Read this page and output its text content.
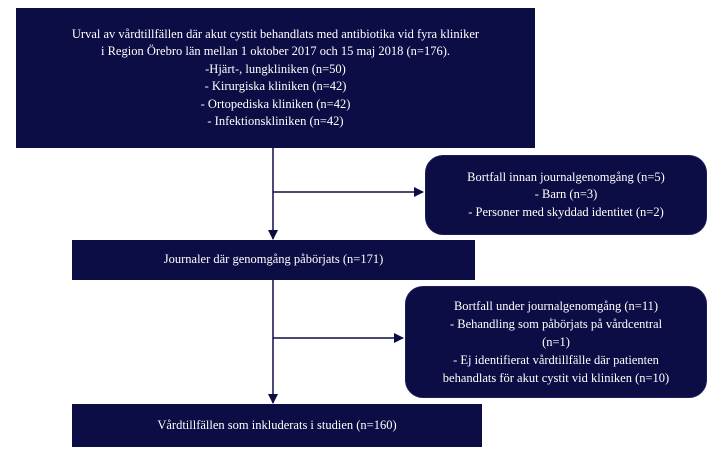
Urval av vårdtillfällen där akut cystit behandlats med antibiotika vid fyra kliniker
i Region Örebro län mellan 1 oktober 2017 och 15 maj 2018 (n=176).
-Hjärt-, lungkliniken (n=50)
- Kirurgiska kliniken (n=42)
- Ortopediska kliniken (n=42)
- Infektionskliniken (n=42)
Bortfall innan journalgenomgång (n=5)
- Barn (n=3)
- Personer med skyddad identitet (n=2)
Journaler där genomgång påbörjats (n=171)
Bortfall under journalgenomgång (n=11)
- Behandling som påbörjats på vårdcentral
(n=1)
- Ej identifierat vårdtillfälle där patienten
behandlats för akut cystit vid kliniken (n=10)
Vårdtillfällen som inkluderats i studien (n=160)
